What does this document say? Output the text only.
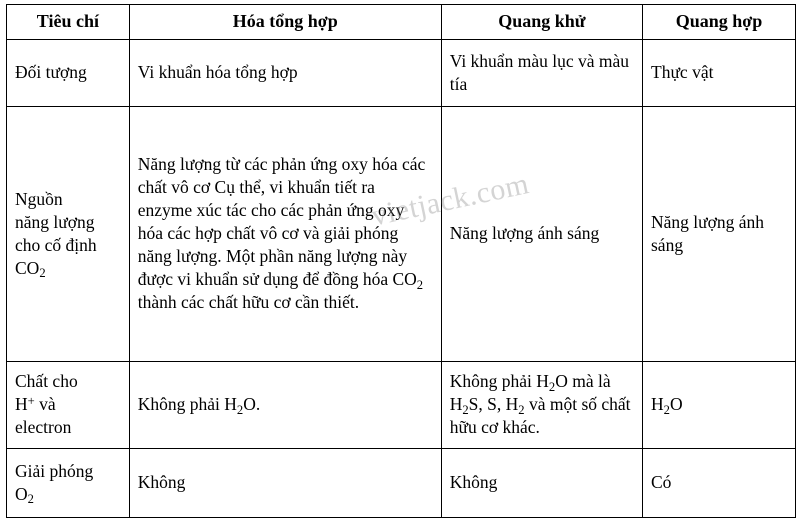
Tiêu chí	Hóa tổng hợp	Quang khử	Quang hợp
Đối tượng	Vi khuẩn hóa tổng hợp	Vi khuẩn màu lục và màu tía	Thực vật
Nguồn
năng lượng
cho cố định
$CO_2$	Năng lượng từ các phản ứng oxy hóa các chất vô cơ Cụ thể, vi khuẩn tiết ra enzyme xúc tác cho các phản ứng oxy hóa các hợp chất vô cơ và giải phóng năng lượng. Một phần năng lượng này được vi khuẩn sử dụng để đồng hóa $CO_2$ thành các chất hữu cơ cần thiết.	Năng lượng ánh sáng	Năng lượng ánh sáng
Chất cho
H+ và
electron	Không phải $H_2O$.	Không phải $H_2O$ mà là $H_2S$, S, $H_2$ và một số chất hữu cơ khác.	$H_2O$
Giải phóng
$O_2$	Không	Không	Có
vietjack.com
